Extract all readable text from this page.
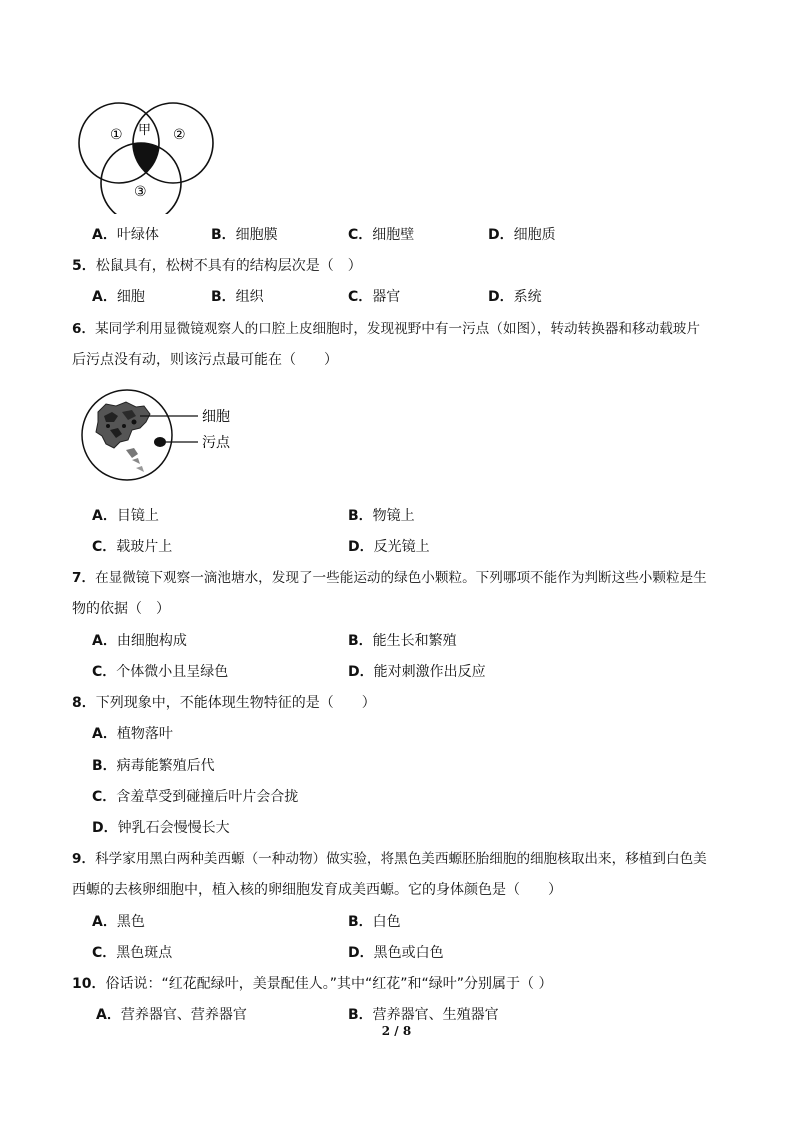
① 甲 ②
③
A．叶绿体	B．细胞膜	C．细胞壁	D．细胞质
5．松鼠具有，松树不具有的结构层次是（　）
A．细胞	B．组织	C．器官	D．系统
6．某同学利用显微镜观察人的口腔上皮细胞时，发现视野中有一污点（如图），转动转换器和移动载玻片
后污点没有动，则该污点最可能在（　　）
细胞
污点
A．目镜上	B．物镜上
C．载玻片上	D．反光镜上
7．在显微镜下观察一滴池塘水，发现了一些能运动的绿色小颗粒。下列哪项不能作为判断这些小颗粒是生
物的依据（　）
A．由细胞构成	B．能生长和繁殖
C．个体微小且呈绿色	D．能对刺激作出反应
8．下列现象中，不能体现生物特征的是（　　）
A．植物落叶
B．病毒能繁殖后代
C．含羞草受到碰撞后叶片会合拢
D．钟乳石会慢慢长大
9．科学家用黑白两种美西螈（一种动物）做实验，将黑色美西螈胚胎细胞的细胞核取出来，移植到白色美
西螈的去核卵细胞中，植入核的卵细胞发育成美西螈。它的身体颜色是（　　）
A．黑色	B．白色
C．黑色斑点	D．黑色或白色
10．俗话说：“红花配绿叶，美景配佳人。”其中“红花”和“绿叶”分别属于（ ）
A．营养器官、营养器官	B．营养器官、生殖器官
2 / 8
